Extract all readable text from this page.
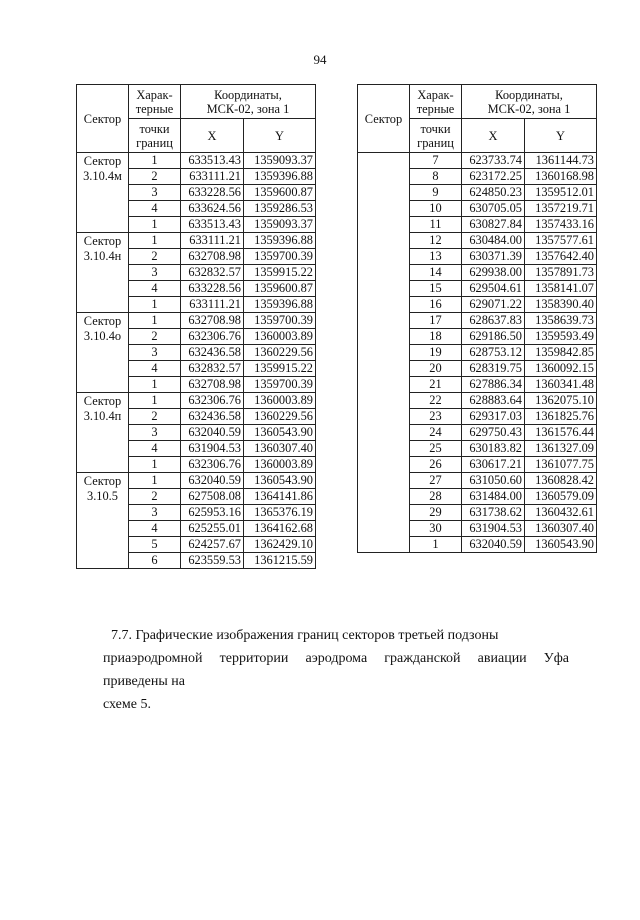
94
Сектор	Харак-
терные	Координаты,
МСК-02, зона 1	
	точки
границ	X	Y
Сектор 3.10.4м	1	633513.43	1359093.37
	2	633111.21	1359396.88
	3	633228.56	1359600.87
	4	633624.56	1359286.53
	1	633513.43	1359093.37
Сектор 3.10.4н	1	633111.21	1359396.88
	2	632708.98	1359700.39
	3	632832.57	1359915.22
	4	633228.56	1359600.87
	1	633111.21	1359396.88
Сектор 3.10.4о	1	632708.98	1359700.39
	2	632306.76	1360003.89
	3	632436.58	1360229.56
	4	632832.57	1359915.22
	1	632708.98	1359700.39
Сектор 3.10.4п	1	632306.76	1360003.89
	2	632436.58	1360229.56
	3	632040.59	1360543.90
	4	631904.53	1360307.40
	1	632306.76	1360003.89
Сектор 3.10.5	1	632040.59	1360543.90
	2	627508.08	1364141.86
	3	625953.16	1365376.19
	4	625255.01	1364162.68
	5	624257.67	1362429.10
	6	623559.53	1361215.59
Сектор	Харак-
терные	Координаты,
МСК-02, зона 1	
	точки
границ	X	Y
	7	623733.74	1361144.73
	8	623172.25	1360168.98
	9	624850.23	1359512.01
	10	630705.05	1357219.71
	11	630827.84	1357433.16
	12	630484.00	1357577.61
	13	630371.39	1357642.40
	14	629938.00	1357891.73
	15	629504.61	1358141.07
	16	629071.22	1358390.40
	17	628637.83	1358639.73
	18	629186.50	1359593.49
	19	628753.12	1359842.85
	20	628319.75	1360092.15
	21	627886.34	1360341.48
	22	628883.64	1362075.10
	23	629317.03	1361825.76
	24	629750.43	1361576.44
	25	630183.82	1361327.09
	26	630617.21	1361077.75
	27	631050.60	1360828.42
	28	631484.00	1360579.09
	29	631738.62	1360432.61
	30	631904.53	1360307.40
	1	632040.59	1360543.90
7.7. Графические изображения границ секторов третьей подзоны
приаэродромной территории аэродрома гражданской авиации Уфа приведены на
схеме 5.
